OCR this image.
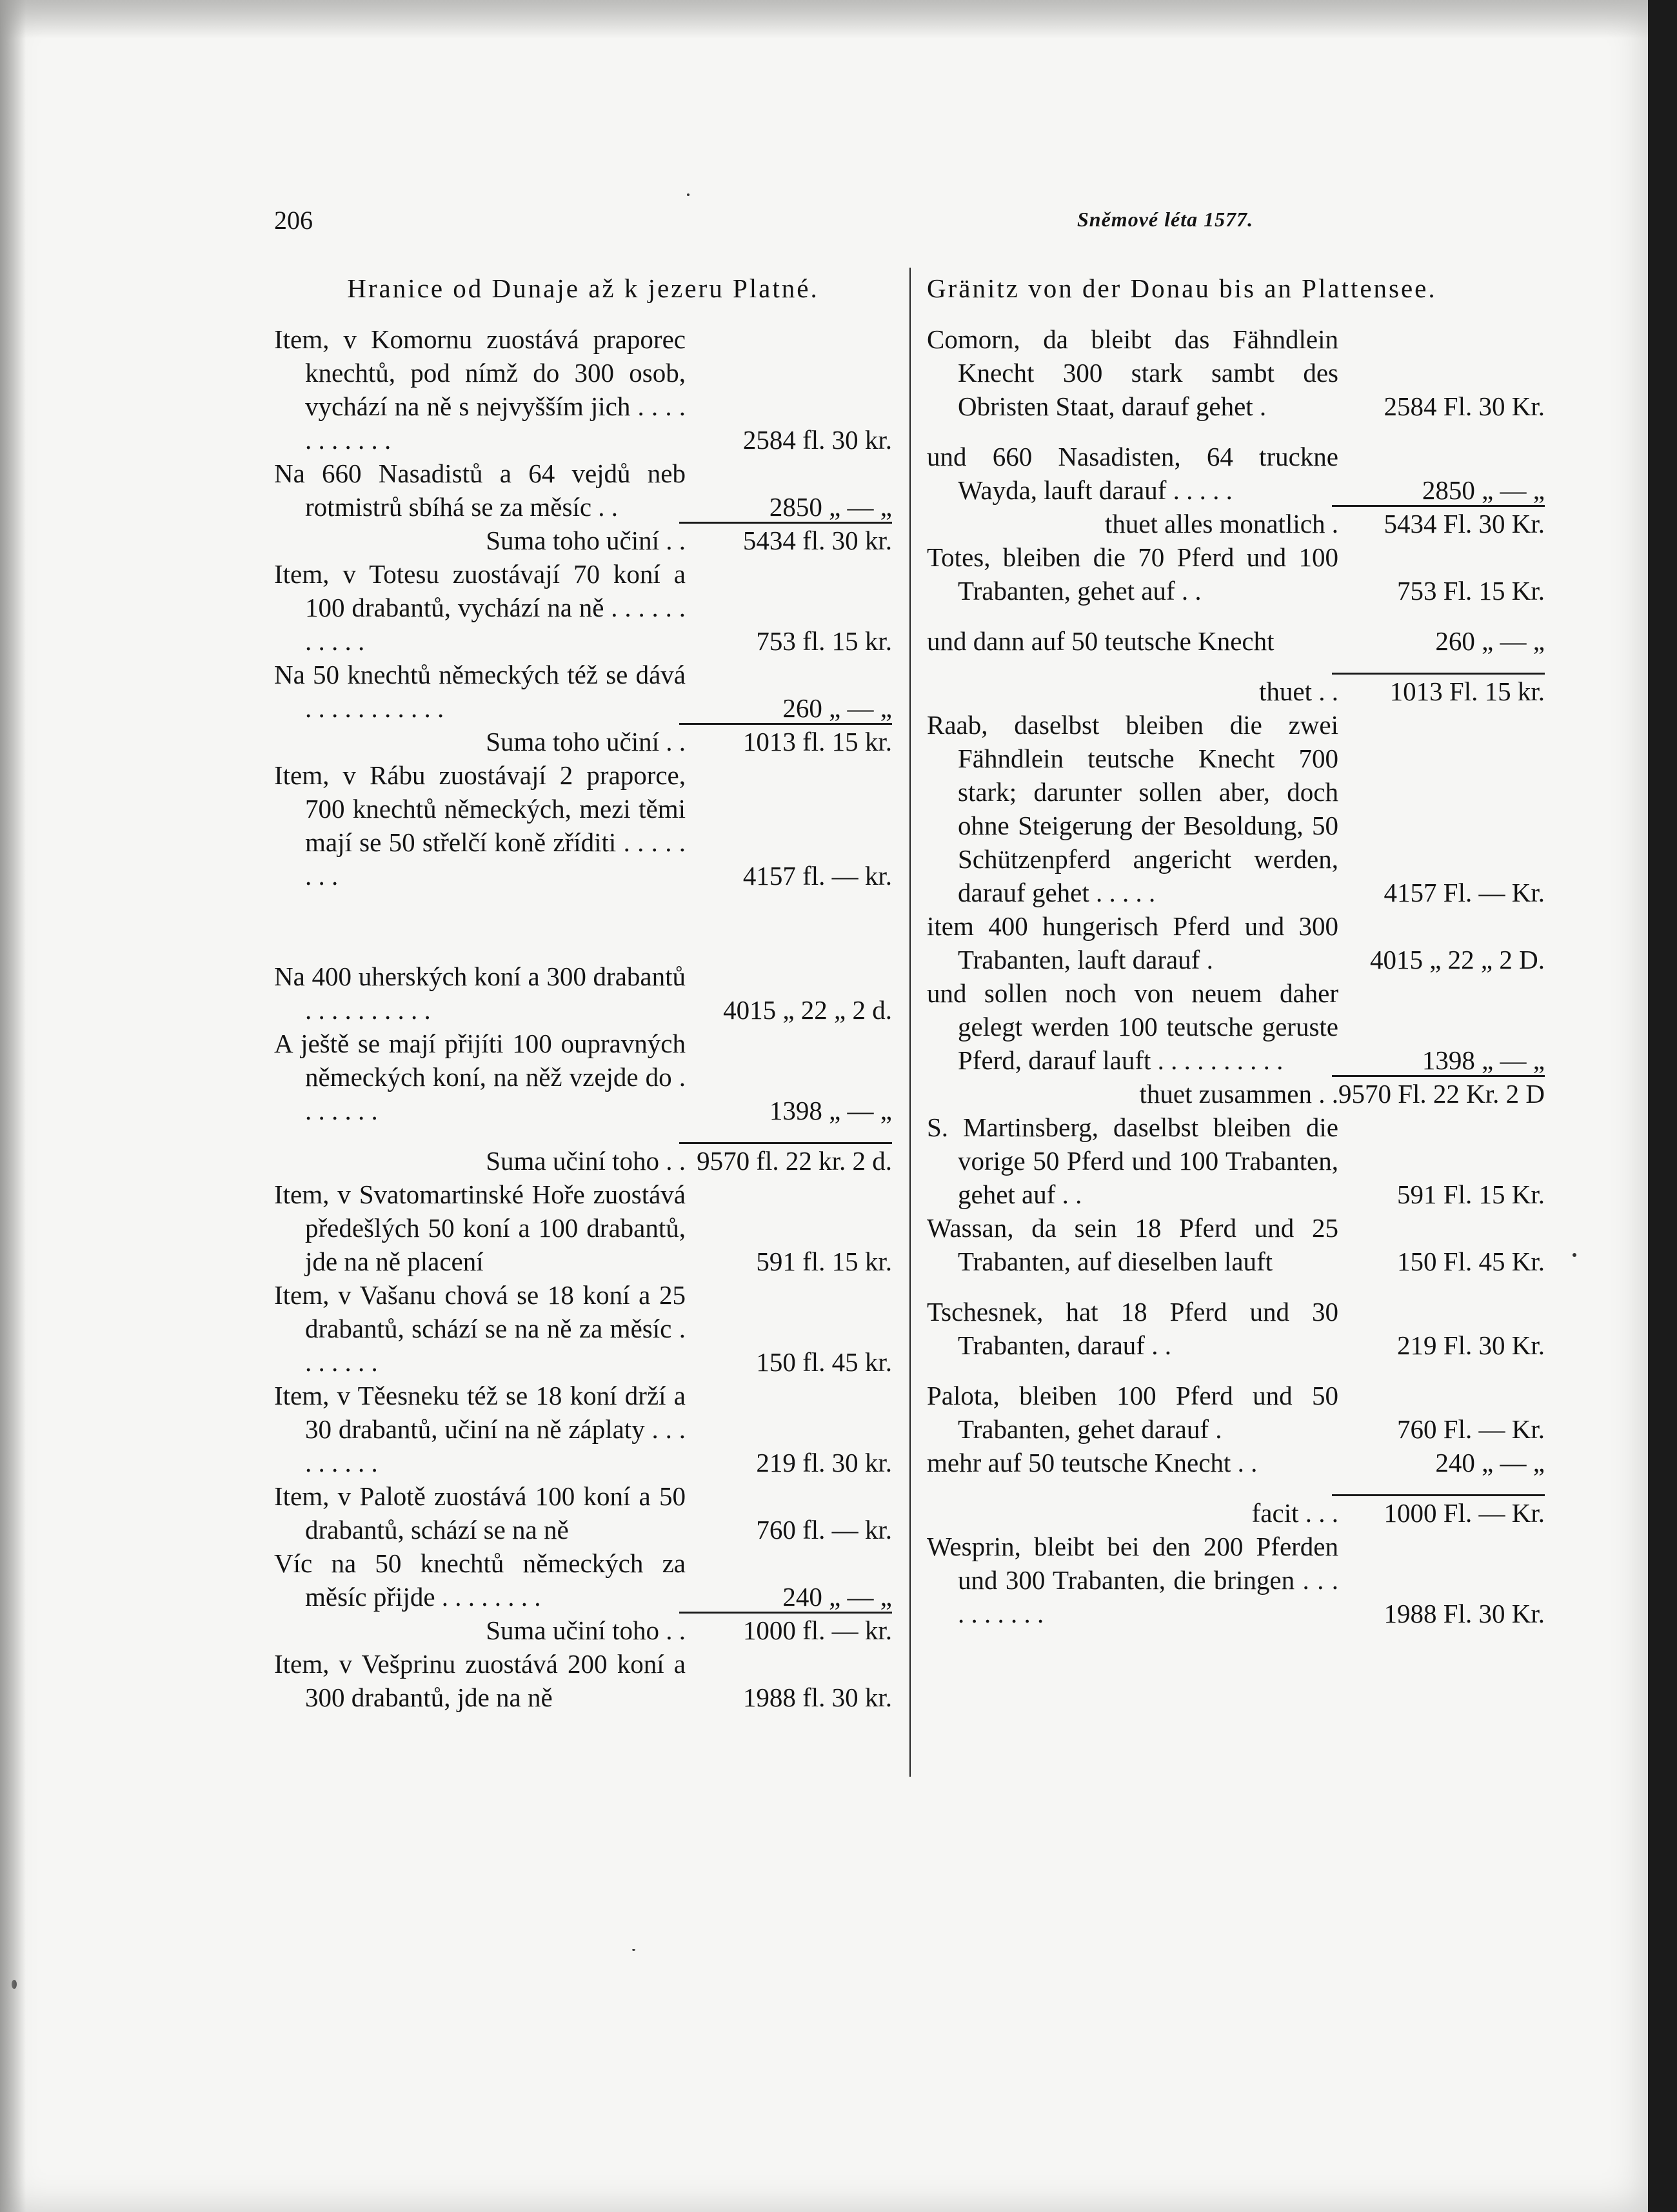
206	Sněmové léta 1577.
Hranice od Dunaje až k jezeru Platné.
Item, v Komornu zuostává praporec knechtů, pod nímž do 300 osob, vychází na ně s nejvyšším jich . . . . . . . . . . .	2584 fl. 30 kr.
Na 660 Nasadistů a 64 vejdů neb rotmistrů sbíhá se za měsíc . .	2850 „ — „
Suma toho učiní . .	5434 fl. 30 kr.
Item, v Totesu zuostávají 70 koní a 100 drabantů, vychází na ně . . . . . . . . . . .	753 fl. 15 kr.
Na 50 knechtů německých též se dává . . . . . . . . . . .	260 „ — „
Suma toho učiní . .	1013 fl. 15 kr.
Item, v Rábu zuostávají 2 praporce, 700 knechtů německých, mezi těmi mají se 50 střelčí koně zříditi . . . . . . . .	4157 fl. — kr.
Na 400 uherských koní a 300 drabantů . . . . . . . . . .	4015 „ 22 „ 2 d.
A ještě se mají přijíti 100 oupravných německých koní, na něž vzejde do . . . . . . .	1398 „ — „
Suma učiní toho . . 9570 fl. 22 kr. 2 d.
Item, v Svatomartinské Hoře zuostává předešlých 50 koní a 100 drabantů, jde na ně placení	591 fl. 15 kr.
Item, v Vašanu chová se 18 koní a 25 drabantů, schází se na ně za měsíc . . . . . . .	150 fl. 45 kr.
Item, v Těesneku též se 18 koní drží a 30 drabantů, učiní na ně záplaty . . . . . . . . .	219 fl. 30 kr.
Item, v Palotě zuostává 100 koní a 50 drabantů, schází se na ně	760 fl. — kr.
Víc na 50 knechtů německých za měsíc přijde . . . . . . . .	240 „ — „
Suma učiní toho . .	1000 fl. — kr.
Item, v Vešprinu zuostává 200 koní a 300 drabantů, jde na ně	1988 fl. 30 kr.
Gränitz von der Donau bis an Plattensee.
Comorn, da bleibt das Fähndlein Knecht 300 stark sambt des Obristen Staat, darauf gehet .	2584 Fl. 30 Kr.
und 660 Nasadisten, 64 truckne Wayda, lauft darauf . . . . .	2850 „ — „
thuet alles monatlich .	5434 Fl. 30 Kr.
Totes, bleiben die 70 Pferd und 100 Trabanten, gehet auf . .	753 Fl. 15 Kr.
und dann auf 50 teutsche Knecht	260 „ — „
thuet . .	1013 Fl. 15 kr.
Raab, daselbst bleiben die zwei Fähndlein teutsche Knecht 700 stark; darunter sollen aber, doch ohne Steigerung der Besoldung, 50 Schützenpferd angericht werden, darauf gehet . . . . .	4157 Fl. — Kr.
item 400 hungerisch Pferd und 300 Trabanten, lauft darauf .	4015 „ 22 „ 2 D.
und sollen noch von neuem daher gelegt werden 100 teutsche geruste Pferd, darauf lauft . . . . . . . . . .	1398 „ — „
thuet zusammen . . 9570 Fl. 22 Kr. 2 D
S. Martinsberg, daselbst bleiben die vorige 50 Pferd und 100 Trabanten, gehet auf . .	591 Fl. 15 Kr.
Wassan, da sein 18 Pferd und 25 Trabanten, auf dieselben lauft	150 Fl. 45 Kr.
Tschesnek, hat 18 Pferd und 30 Trabanten, darauf . .	219 Fl. 30 Kr.
Palota, bleiben 100 Pferd und 50 Trabanten, gehet darauf .	760 Fl. — Kr.
mehr auf 50 teutsche Knecht . .	240 „ — „
facit . . .	1000 Fl. — Kr.
Wesprin, bleibt bei den 200 Pferden und 300 Trabanten, die bringen . . . . . . . . . .	1988 Fl. 30 Kr.
